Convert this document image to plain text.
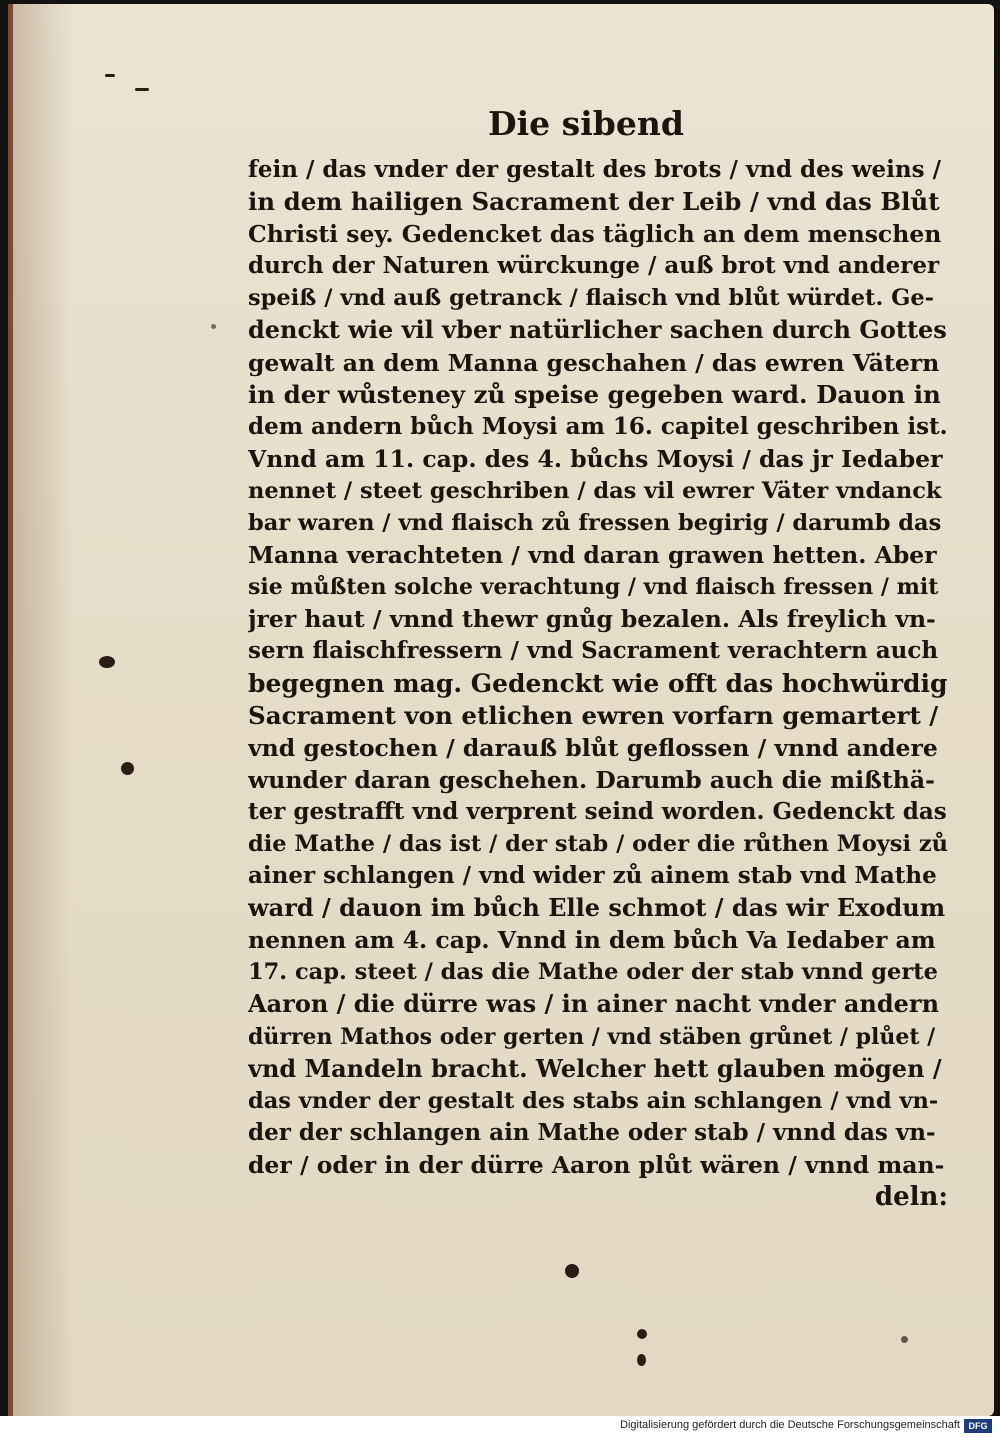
Die sibend
fein / das vnder der gestalt des brots / vnd des weins /
in dem hailigen Sacrament der Leib / vnd das Blůt
Christi sey. Gedencket das täglich an dem menschen
durch der Naturen würckunge / auß brot vnd anderer
speiß / vnd auß getranck / flaisch vnd blůt würdet. Ge-
denckt wie vil vber natürlicher sachen durch Gottes
gewalt an dem Manna geschahen / das ewren Vätern
in der wůsteney zů speise gegeben ward. Dauon in
dem andern bůch Moysi am 16. capitel geschriben ist.
Vnnd am 11. cap. des 4. bůchs Moysi / das jr Iedaber
nennet / steet geschriben / das vil ewrer Väter vndanck
bar waren / vnd flaisch zů fressen begirig / darumb das
Manna verachteten / vnd daran grawen hetten. Aber
sie můßten solche verachtung / vnd flaisch fressen / mit
jrer haut / vnnd thewr gnůg bezalen. Als freylich vn-
sern flaischfressern / vnd Sacrament verachtern auch
begegnen mag. Gedenckt wie offt das hochwürdig
Sacrament von etlichen ewren vorfarn gemartert /
vnd gestochen / darauß blůt geflossen / vnnd andere
wunder daran geschehen. Darumb auch die mißthä-
ter gestrafft vnd verprent seind worden. Gedenckt das
die Mathe / das ist / der stab / oder die růthen Moysi zů
ainer schlangen / vnd wider zů ainem stab vnd Mathe
ward / dauon im bůch Elle schmot / das wir Exodum
nennen am 4. cap. Vnnd in dem bůch Va Iedaber am
17. cap. steet / das die Mathe oder der stab vnnd gerte
Aaron / die dürre was / in ainer nacht vnder andern
dürren Mathos oder gerten / vnd stäben grůnet / plůet /
vnd Mandeln bracht. Welcher hett glauben mögen /
das vnder der gestalt des stabs ain schlangen / vnd vn-
der der schlangen ain Mathe oder stab / vnnd das vn-
der / oder in der dürre Aaron plůt wären / vnnd man-
deln:
Digitalisierung gefördert durch die Deutsche Forschungsgemeinschaft DFG
